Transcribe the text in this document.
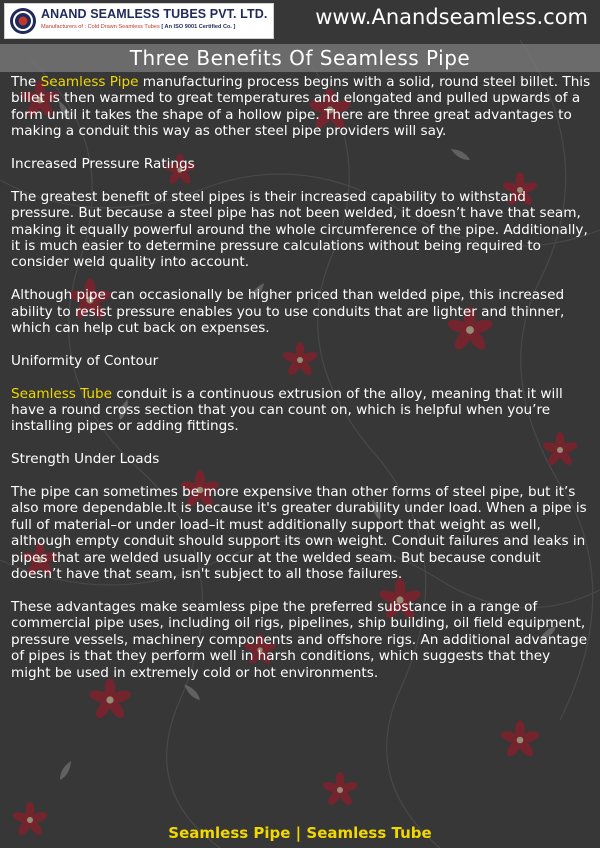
ANAND SEAMLESS TUBES PVT. LTD.
Manufacturers of : Cold Drawn Seamless Tubes [ An ISO 9001 Certified Co. ]	www.Anandseamless.com
Three Benefits Of Seamless Pipe

The Seamless Pipe manufacturing process begins with a solid, round steel billet. This billet is then warmed to great temperatures and elongated and pulled upwards of a form until it takes the shape of a hollow pipe. There are three great advantages to making a conduit this way as other steel pipe providers will say.

Increased Pressure Ratings

The greatest benefit of steel pipes is their increased capability to withstand pressure. But because a steel pipe has not been welded, it doesn’t have that seam, making it equally powerful around the whole circumference of the pipe. Additionally, it is much easier to determine pressure calculations without being required to consider weld quality into account.

Although pipe can occasionally be higher priced than welded pipe, this increased ability to resist pressure enables you to use conduits that are lighter and thinner, which can help cut back on expenses.

Uniformity of Contour

Seamless Tube conduit is a continuous extrusion of the alloy, meaning that it will have a round cross section that you can count on, which is helpful when you’re installing pipes or adding fittings.

Strength Under Loads

The pipe can sometimes be more expensive than other forms of steel pipe, but it’s also more dependable.It is because it's greater durability under load. When a pipe is full of material–or under load–it must additionally support that weight as well, although empty conduit should support its own weight. Conduit failures and leaks in pipes that are welded usually occur at the welded seam. But because conduit doesn’t have that seam, isn't subject to all those failures.

These advantages make seamless pipe the preferred substance in a range of commercial pipe uses, including oil rigs, pipelines, ship building, oil field equipment, pressure vessels, machinery components and offshore rigs. An additional advantage of pipes is that they perform well in harsh conditions, which suggests that they might be used in extremely cold or hot environments.

Seamless Pipe | Seamless Tube
